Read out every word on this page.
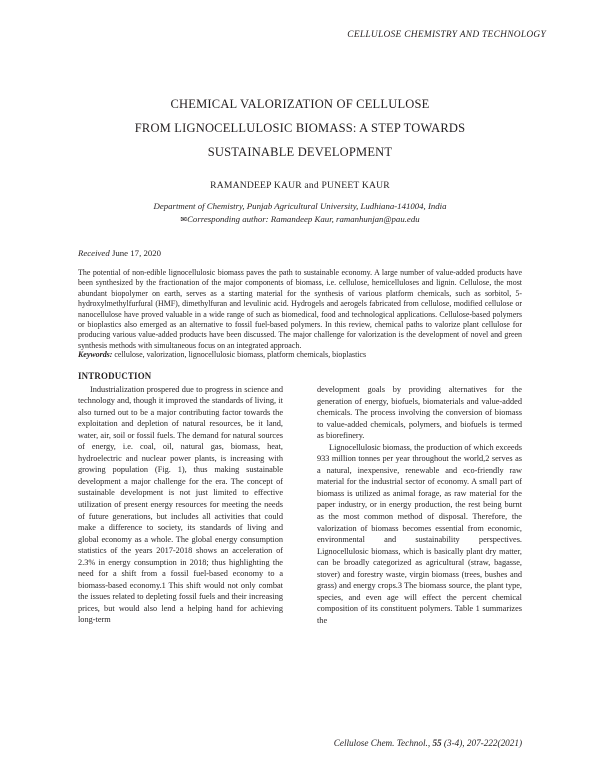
CELLULOSE CHEMISTRY AND TECHNOLOGY
CHEMICAL VALORIZATION OF CELLULOSE
FROM LIGNOCELLULOSIC BIOMASS: A STEP TOWARDS
SUSTAINABLE DEVELOPMENT
RAMANDEEP KAUR and PUNEET KAUR
Department of Chemistry, Punjab Agricultural University, Ludhiana-141004, India
✉Corresponding author: Ramandeep Kaur, ramanhunjan@pau.edu
Received June 17, 2020
The potential of non-edible lignocellulosic biomass paves the path to sustainable economy. A large number of value-added products have been synthesized by the fractionation of the major components of biomass, i.e. cellulose, hemicelluloses and lignin. Cellulose, the most abundant biopolymer on earth, serves as a starting material for the synthesis of various platform chemicals, such as sorbitol, 5-hydroxylmethylfurfural (HMF), dimethylfuran and levulinic acid. Hydrogels and aerogels fabricated from cellulose, modified cellulose or nanocellulose have proved valuable in a wide range of such as biomedical, food and technological applications. Cellulose-based polymers or bioplastics also emerged as an alternative to fossil fuel-based polymers. In this review, chemical paths to valorize plant cellulose for producing various value-added products have been discussed. The major challenge for valorization is the development of novel and green synthesis methods with simultaneous focus on an integrated approach.
Keywords: cellulose, valorization, lignocellulosic biomass, platform chemicals, bioplastics
INTRODUCTION

Industrialization prospered due to progress in science and technology and, though it improved the standards of living, it also turned out to be a major contributing factor towards the exploitation and depletion of natural resources, be it land, water, air, soil or fossil fuels. The demand for natural sources of energy, i.e. coal, oil, natural gas, biomass, heat, hydroelectric and nuclear power plants, is increasing with growing population (Fig. 1), thus making sustainable development a major challenge for the era. The concept of sustainable development is not just limited to effective utilization of present energy resources for meeting the needs of future generations, but includes all activities that could make a difference to society, its standards of living and global economy as a whole. The global energy consumption statistics of the years 2017-2018 shows an acceleration of 2.3% in energy consumption in 2018; thus highlighting the need for a shift from a fossil fuel-based economy to a biomass-based economy.1 This shift would not only combat the issues related to depleting fossil fuels and their increasing prices, but would also lend a helping hand for achieving long-term

development goals by providing alternatives for the generation of energy, biofuels, biomaterials and value-added chemicals. The process involving the conversion of biomass to value-added chemicals, polymers, and biofuels is termed as biorefinery.

Lignocellulosic biomass, the production of which exceeds 933 million tonnes per year throughout the world,2 serves as a natural, inexpensive, renewable and eco-friendly raw material for the industrial sector of economy. A small part of biomass is utilized as animal forage, as raw material for the paper industry, or in energy production, the rest being burnt as the most common method of disposal. Therefore, the valorization of biomass becomes essential from economic, environmental and sustainability perspectives. Lignocellulosic biomass, which is basically plant dry matter, can be broadly categorized as agricultural (straw, bagasse, stover) and forestry waste, virgin biomass (trees, bushes and grass) and energy crops.3 The biomass source, the plant type, species, and even age will effect the percent chemical composition of its constituent polymers. Table 1 summarizes the

Cellulose Chem. Technol., 55 (3-4), 207-222(2021)
